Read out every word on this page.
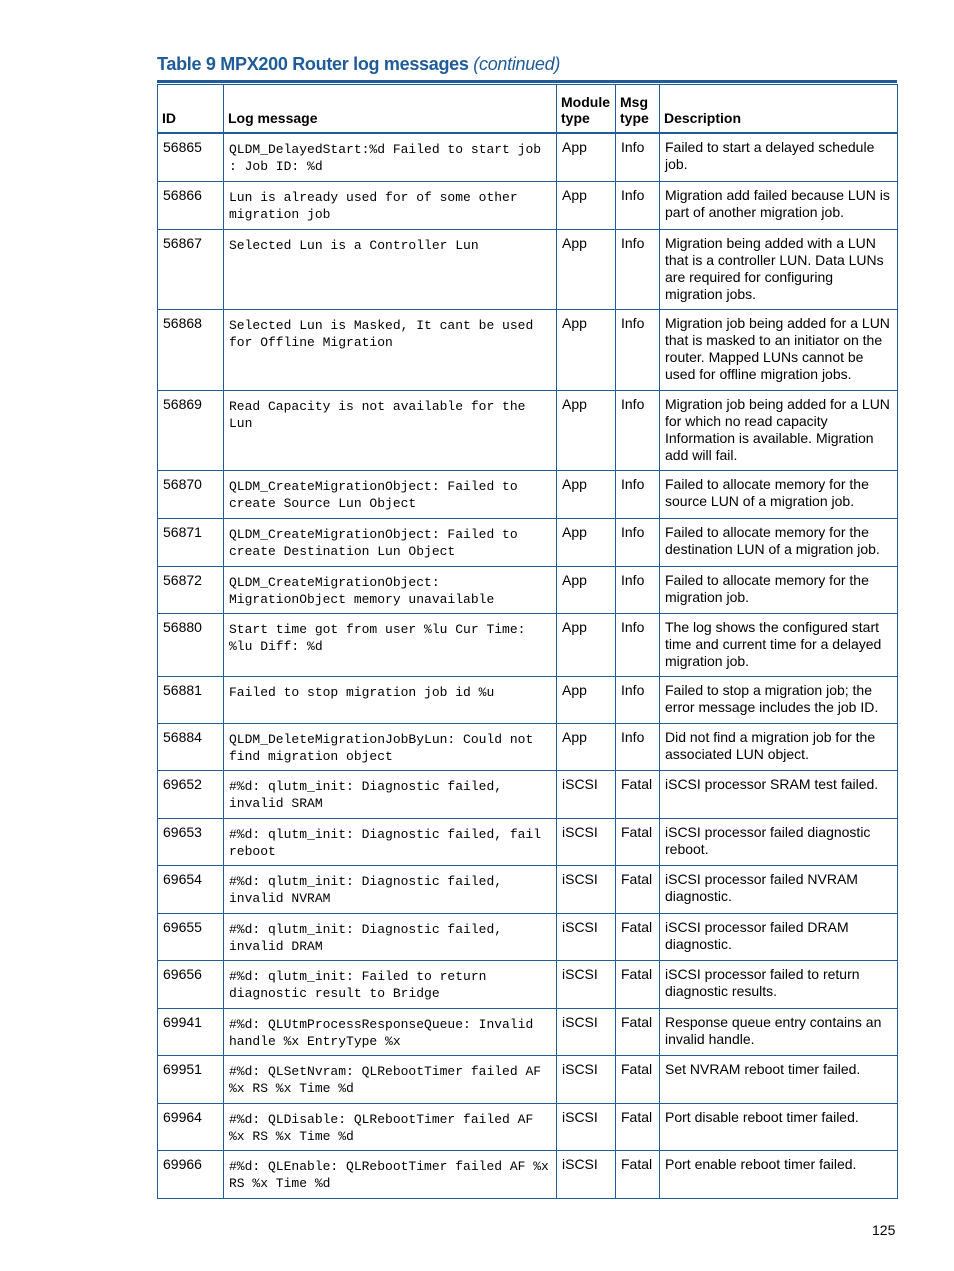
Table 9 MPX200 Router log messages (continued)
ID	Log message	Module type	Msg type	Description
56865	QLDM_DelayedStart:%d Failed to start job : Job ID: %d	App	Info	Failed to start a delayed schedule job.
56866	Lun is already used for of some other migration job	App	Info	Migration add failed because LUN is part of another migration job.
56867	Selected Lun is a Controller Lun	App	Info	Migration being added with a LUN that is a controller LUN. Data LUNs are required for configuring migration jobs.
56868	Selected Lun is Masked, It cant be used for Offline Migration	App	Info	Migration job being added for a LUN that is masked to an initiator on the router. Mapped LUNs cannot be used for offline migration jobs.
56869	Read Capacity is not available for the Lun	App	Info	Migration job being added for a LUN for which no read capacity Information is available. Migration add will fail.
56870	QLDM_CreateMigrationObject: Failed to create Source Lun Object	App	Info	Failed to allocate memory for the source LUN of a migration job.
56871	QLDM_CreateMigrationObject: Failed to create Destination Lun Object	App	Info	Failed to allocate memory for the destination LUN of a migration job.
56872	QLDM_CreateMigrationObject: MigrationObject memory unavailable	App	Info	Failed to allocate memory for the migration job.
56880	Start time got from user %lu Cur Time: %lu Diff: %d	App	Info	The log shows the configured start time and current time for a delayed migration job.
56881	Failed to stop migration job id %u	App	Info	Failed to stop a migration job; the error message includes the job ID.
56884	QLDM_DeleteMigrationJobByLun: Could not find migration object	App	Info	Did not find a migration job for the associated LUN object.
69652	#%d: qlutm_init: Diagnostic failed, invalid SRAM	iSCSI	Fatal	iSCSI processor SRAM test failed.
69653	#%d: qlutm_init: Diagnostic failed, fail reboot	iSCSI	Fatal	iSCSI processor failed diagnostic reboot.
69654	#%d: qlutm_init: Diagnostic failed, invalid NVRAM	iSCSI	Fatal	iSCSI processor failed NVRAM diagnostic.
69655	#%d: qlutm_init: Diagnostic failed, invalid DRAM	iSCSI	Fatal	iSCSI processor failed DRAM diagnostic.
69656	#%d: qlutm_init: Failed to return diagnostic result to Bridge	iSCSI	Fatal	iSCSI processor failed to return diagnostic results.
69941	#%d: QLUtmProcessResponseQueue: Invalid handle %x EntryType %x	iSCSI	Fatal	Response queue entry contains an invalid handle.
69951	#%d: QLSetNvram: QLRebootTimer failed AF %x RS %x Time %d	iSCSI	Fatal	Set NVRAM reboot timer failed.
69964	#%d: QLDisable: QLRebootTimer failed AF %x RS %x Time %d	iSCSI	Fatal	Port disable reboot timer failed.
69966	#%d: QLEnable: QLRebootTimer failed AF %x RS %x Time %d	iSCSI	Fatal	Port enable reboot timer failed.
125
